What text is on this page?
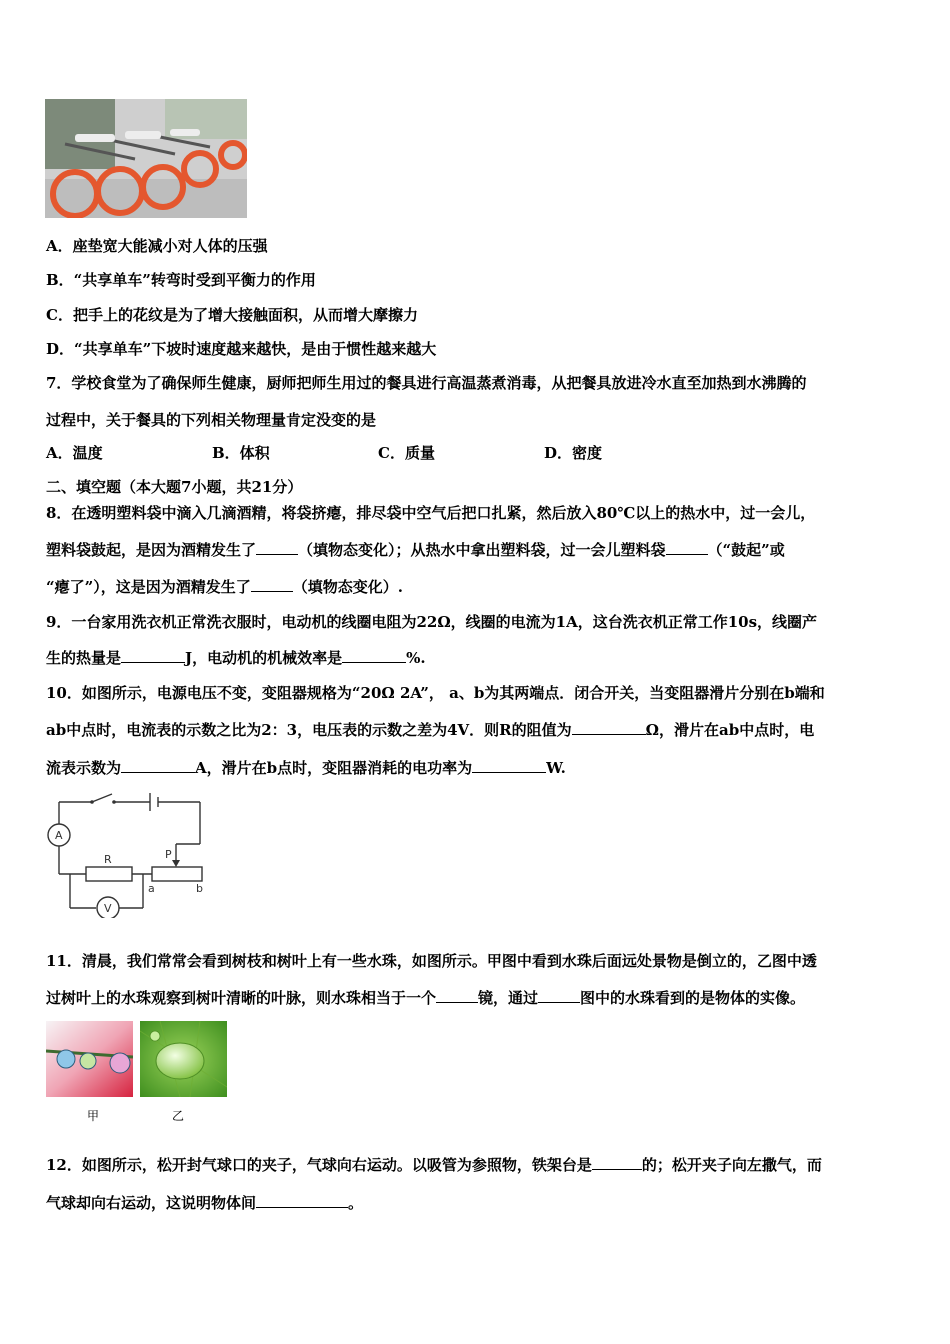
A．座垫宽大能减小对人体的压强
B．“共享单车”转弯时受到平衡力的作用
C．把手上的花纹是为了增大接触面积，从而增大摩擦力
D．“共享单车”下坡时速度越来越快，是由于惯性越来越大
7．学校食堂为了确保师生健康，厨师把师生用过的餐具进行高温蒸煮消毒，从把餐具放进冷水直至加热到水沸腾的
过程中，关于餐具的下列相关物理量肯定没变的是
A．温度	B．体积	C．质量	D．密度
二、填空题（本大题7小题，共21分）
8．在透明塑料袋中滴入几滴酒精，将袋挤瘪，排尽袋中空气后把口扎紧，然后放入80℃以上的热水中，过一会儿，
塑料袋鼓起，是因为酒精发生了	（填物态变化）；从热水中拿出塑料袋，过一会儿塑料袋	（“鼓起”或
“瘪了”），这是因为酒精发生了	（填物态变化）.
9．一台家用洗衣机正常洗衣服时，电动机的线圈电阻为22Ω，线圈的电流为1A，这台洗衣机正常工作10s，线圈产
生的热量是	J，电动机的机械效率是	%.
10．如图所示，电源电压不变，变阻器规格为“20Ω 2A”， a、b为其两端点．闭合开关，当变阻器滑片分别在b端和
ab中点时，电流表的示数之比为2：3，电压表的示数之差为4V．则R的阻值为	Ω，滑片在ab中点时，电
流表示数为	A，滑片在b点时，变阻器消耗的电功率为	W.
A
V
R	P
a	b
11．清晨，我们常常会看到树枝和树叶上有一些水珠，如图所示。甲图中看到水珠后面远处景物是倒立的，乙图中透
过树叶上的水珠观察到树叶清晰的叶脉，则水珠相当于一个	镜，通过	图中的水珠看到的是物体的实像。
甲	乙
12．如图所示，松开封气球口的夹子，气球向右运动。以吸管为参照物，铁架台是	的；松开夹子向左撒气，而
气球却向右运动，这说明物体间	。
